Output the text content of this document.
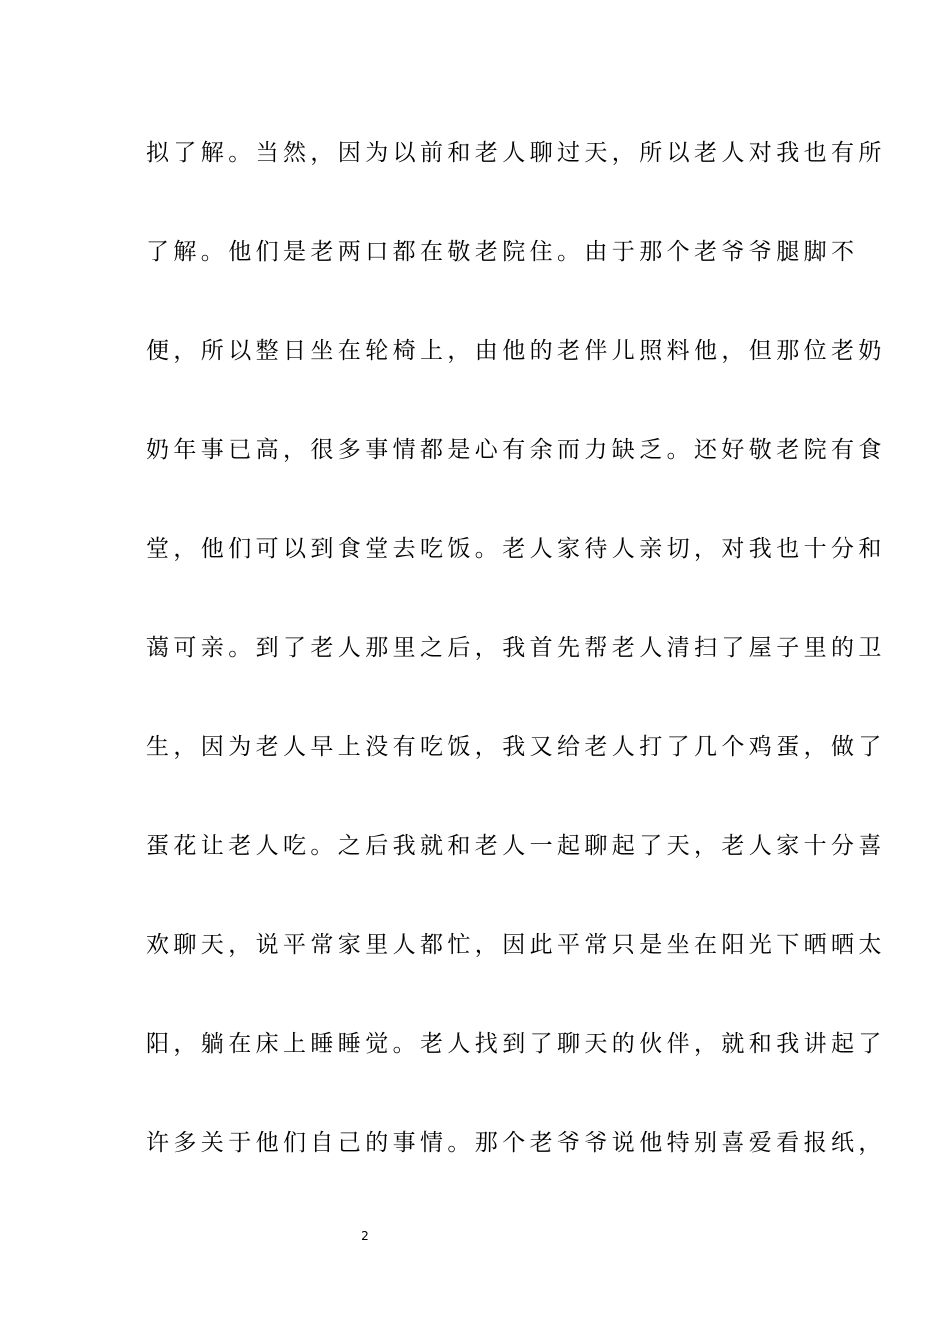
拟了解。当然，因为以前和老人聊过天，所以老人对我也有所
了解。他们是老两口都在敬老院住。由于那个老爷爷腿脚不
便，所以整日坐在轮椅上，由他的老伴儿照料他，但那位老奶
奶年事已高，很多事情都是心有余而力缺乏。还好敬老院有食
堂，他们可以到食堂去吃饭。老人家待人亲切，对我也十分和
蔼可亲。到了老人那里之后，我首先帮老人清扫了屋子里的卫
生，因为老人早上没有吃饭，我又给老人打了几个鸡蛋，做了
蛋花让老人吃。之后我就和老人一起聊起了天，老人家十分喜
欢聊天，说平常家里人都忙，因此平常只是坐在阳光下晒晒太
阳，躺在床上睡睡觉。老人找到了聊天的伙伴，就和我讲起了
许多关于他们自己的事情。那个老爷爷说他特别喜爱看报纸，
2
